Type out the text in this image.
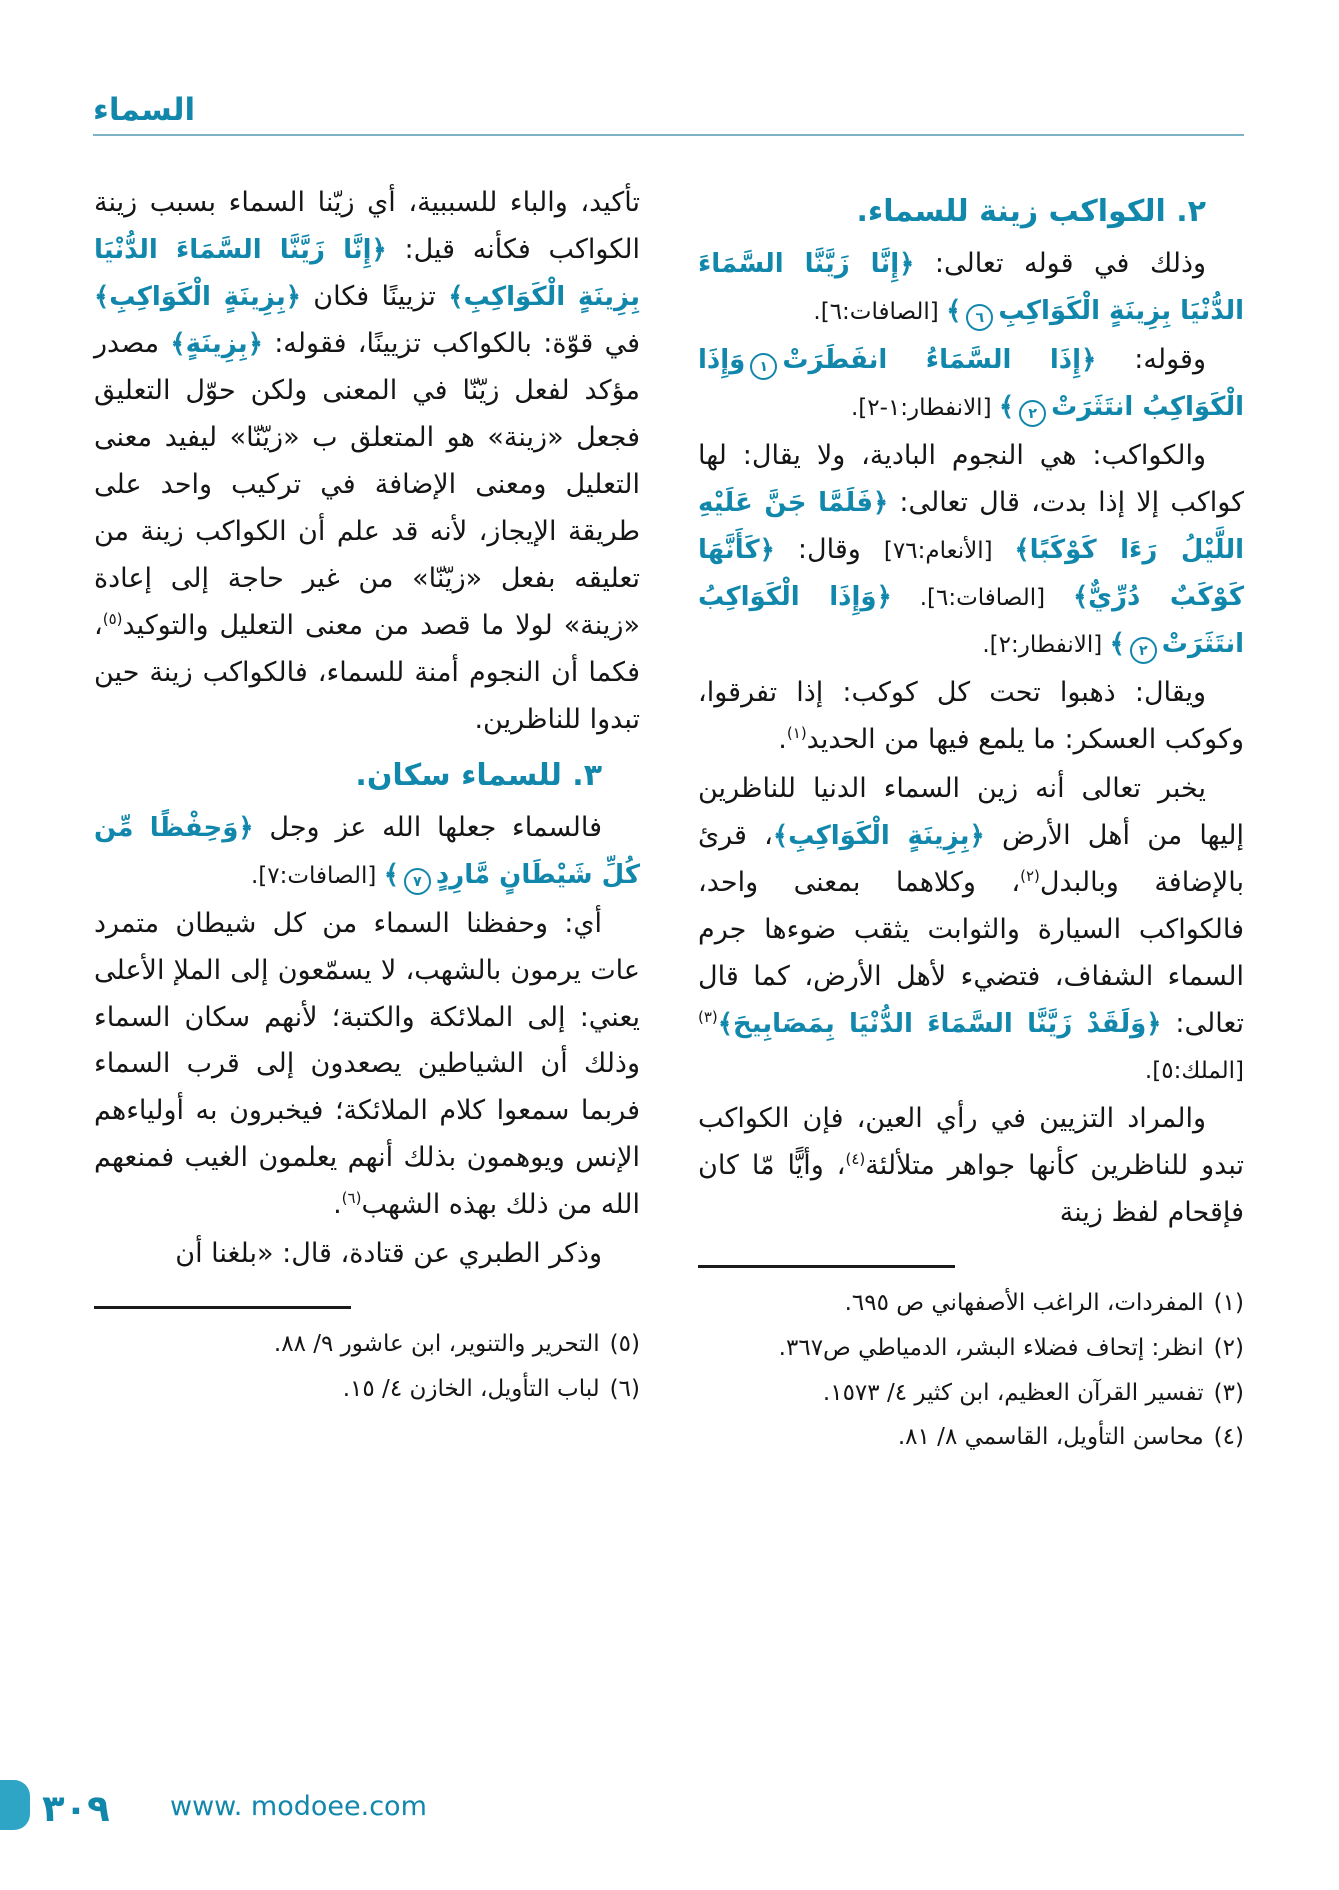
السماء
٢. الكواكب زينة للسماء.

وذلك في قوله تعالى: ﴿إِنَّا زَيَّنَّا السَّمَاءَ الدُّنْيَا بِزِينَةٍ الْكَوَاكِبِ٦﴾ [الصافات:٦].

وقوله: ﴿إِذَا السَّمَاءُ انفَطَرَتْ١وَإِذَا الْكَوَاكِبُ انتَثَرَتْ٢﴾ [الانفطار:١-٢].

والكواكب: هي النجوم البادية، ولا يقال: لها كواكب إلا إذا بدت، قال تعالى: ﴿فَلَمَّا جَنَّ عَلَيْهِ اللَّيْلُ رَءَا كَوْكَبًا﴾ [الأنعام:٧٦] وقال: ﴿كَأَنَّهَا كَوْكَبٌ دُرِّيٌّ﴾ [الصافات:٦]. ﴿وَإِذَا الْكَوَاكِبُ انتَثَرَتْ٢﴾ [الانفطار:٢].

ويقال: ذهبوا تحت كل كوكب: إذا تفرقوا، وكوكب العسكر: ما يلمع فيها من الحديد$^{(١)}$.

يخبر تعالى أنه زين السماء الدنيا للناظرين إليها من أهل الأرض ﴿بِزِينَةٍ الْكَوَاكِبِ﴾، قرئ بالإضافة وبالبدل$^{(٢)}$، وكلاهما بمعنى واحد، فالكواكب السيارة والثوابت يثقب ضوءها جرم السماء الشفاف، فتضيء لأهل الأرض، كما قال تعالى: ﴿وَلَقَدْ زَيَّنَّا السَّمَاءَ الدُّنْيَا بِمَصَابِيحَ﴾$^{(٣)}$ [الملك:٥].

والمراد التزيين في رأي العين، فإن الكواكب تبدو للناظرين كأنها جواهر متلألئة$^{(٤)}$، وأيًّا مّا كان فإقحام لفظ زينة

(١)
المفردات، الراغب الأصفهاني ص ٦٩٥.
(٢)
انظر: إتحاف فضلاء البشر، الدمياطي ص٣٦٧.
(٣)
تفسير القرآن العظيم، ابن كثير ٤/ ١٥٧٣.
(٤)
محاسن التأويل، القاسمي ٨/ ٨١.

تأكيد، والباء للسببية، أي زيّنا السماء بسبب زينة الكواكب فكأنه قيل: ﴿إِنَّا زَيَّنَّا السَّمَاءَ الدُّنْيَا بِزِينَةٍ الْكَوَاكِبِ﴾ تزيينًا فكان ﴿بِزِينَةٍ الْكَوَاكِبِ﴾ في قوّة: بالكواكب تزيينًا، فقوله: ﴿بِزِينَةٍ﴾ مصدر مؤكد لفعل زيّنّا في المعنى ولكن حوّل التعليق فجعل «زينة» هو المتعلق ب «زيّنّا» ليفيد معنى التعليل ومعنى الإضافة في تركيب واحد على طريقة الإيجاز، لأنه قد علم أن الكواكب زينة من تعليقه بفعل «زيّنّا» من غير حاجة إلى إعادة «زينة» لولا ما قصد من معنى التعليل والتوكيد$^{(٥)}$، فكما أن النجوم أمنة للسماء، فالكواكب زينة حين تبدوا للناظرين.

٣. للسماء سكان.

فالسماء جعلها الله عز وجل ﴿وَحِفْظًا مِّن كُلِّ شَيْطَانٍ مَّارِدٍ٧﴾ [الصافات:٧].

أي: وحفظنا السماء من كل شيطان متمرد عات يرمون بالشهب، لا يسمّعون إلى الملإ الأعلى يعني: إلى الملائكة والكتبة؛ لأنهم سكان السماء وذلك أن الشياطين يصعدون إلى قرب السماء فربما سمعوا كلام الملائكة؛ فيخبرون به أولياءهم الإنس ويوهمون بذلك أنهم يعلمون الغيب فمنعهم الله من ذلك بهذه الشهب$^{(٦)}$.

وذكر الطبري عن قتادة، قال: «بلغنا أن

(٥)
التحرير والتنوير، ابن عاشور ٩/ ٨٨.
(٦)
لباب التأويل، الخازن ٤/ ١٥.
٣٠٩ www. modoee.com
